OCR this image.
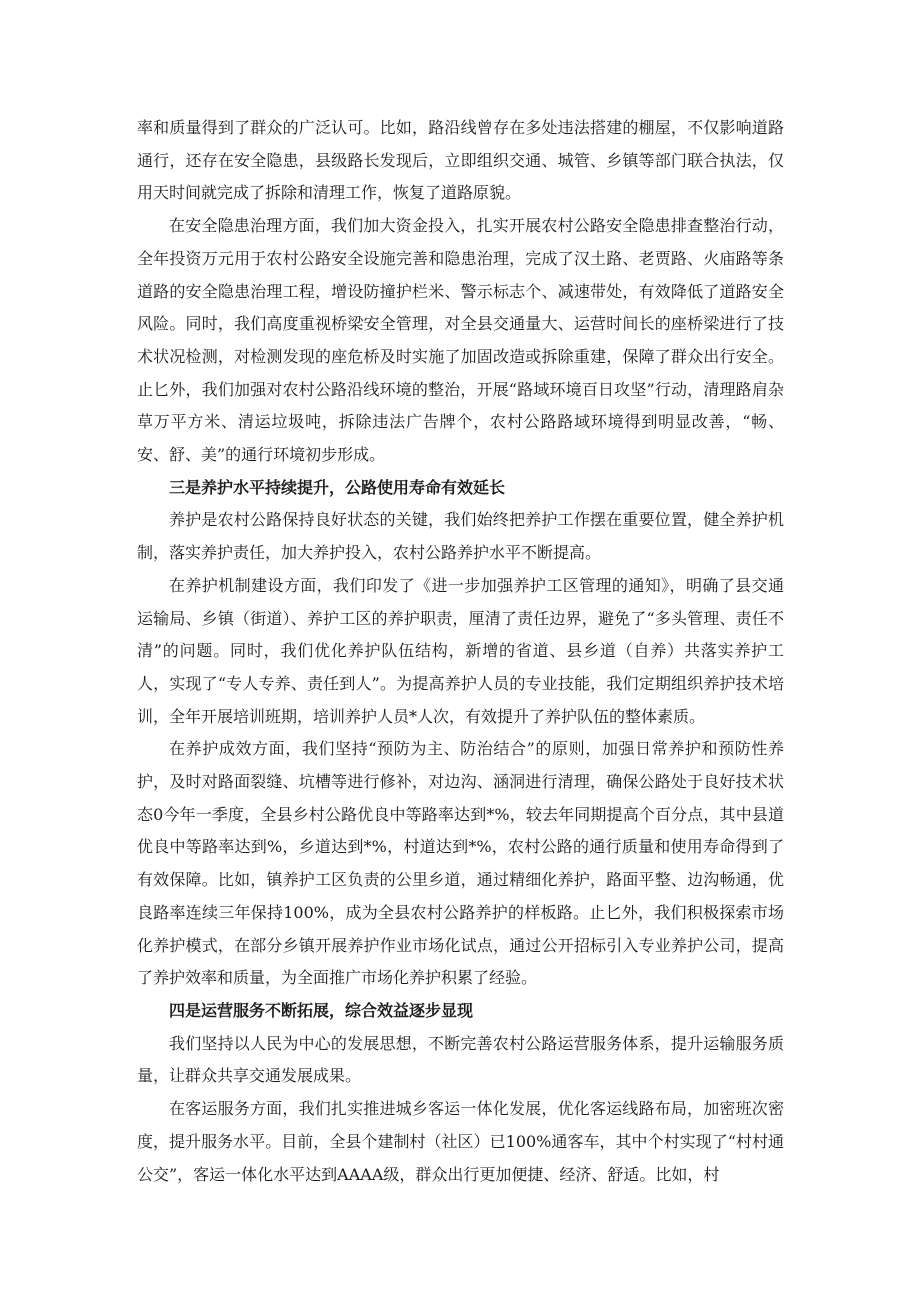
率和质量得到了群众的广泛认可。比如，路沿线曾存在多处违法搭建的棚屋，不仅影响道路通行，还存在安全隐患，县级路长发现后，立即组织交通、城管、乡镇等部门联合执法，仅用天时间就完成了拆除和清理工作，恢复了道路原貌。

在安全隐患治理方面，我们加大资金投入，扎实开展农村公路安全隐患排查整治行动，全年投资万元用于农村公路安全设施完善和隐患治理，完成了汉土路、老贾路、火庙路等条道路的安全隐患治理工程，增设防撞护栏米、警示标志个、减速带处，有效降低了道路安全风险。同时，我们高度重视桥梁安全管理，对全县交通量大、运营时间长的座桥梁进行了技术状况检测，对检测发现的座危桥及时实施了加固改造或拆除重建，保障了群众出行安全。止匕外，我们加强对农村公路沿线环境的整治，开展“路域环境百日攻坚”行动，清理路肩杂草万平方米、清运垃圾吨，拆除违法广告牌个，农村公路路域环境得到明显改善，“畅、安、舒、美”的通行环境初步形成。

三是养护水平持续提升，公路使用寿命有效延长

养护是农村公路保持良好状态的关键，我们始终把养护工作摆在重要位置，健全养护机制，落实养护责任，加大养护投入，农村公路养护水平不断提高。

在养护机制建设方面，我们印发了《进一步加强养护工区管理的通知》，明确了县交通运输局、乡镇（街道）、养护工区的养护职责，厘清了责任边界，避免了“多头管理、责任不清”的问题。同时，我们优化养护队伍结构，新增的省道、县乡道（自养）共落实养护工人，实现了“专人专养、责任到人”。为提高养护人员的专业技能，我们定期组织养护技术培训，全年开展培训班期，培训养护人员*人次，有效提升了养护队伍的整体素质。

在养护成效方面，我们坚持“预防为主、防治结合”的原则，加强日常养护和预防性养护，及时对路面裂缝、坑槽等进行修补，对边沟、涵洞进行清理，确保公路处于良好技术状态0今年一季度，全县乡村公路优良中等路率达到*%，较去年同期提高个百分点，其中县道优良中等路率达到%，乡道达到*%，村道达到*%，农村公路的通行质量和使用寿命得到了有效保障。比如，镇养护工区负责的公里乡道，通过精细化养护，路面平整、边沟畅通，优良路率连续三年保持100%，成为全县农村公路养护的样板路。止匕外，我们积极探索市场化养护模式，在部分乡镇开展养护作业市场化试点，通过公开招标引入专业养护公司，提高了养护效率和质量，为全面推广市场化养护积累了经验。

四是运营服务不断拓展，综合效益逐步显现

我们坚持以人民为中心的发展思想，不断完善农村公路运营服务体系，提升运输服务质量，让群众共享交通发展成果。

在客运服务方面，我们扎实推进城乡客运一体化发展，优化客运线路布局，加密班次密度，提升服务水平。目前，全县个建制村（社区）已100%通客车，其中个村实现了“村村通公交”，客运一体化水平达到AAAA级，群众出行更加便捷、经济、舒适。比如，村
